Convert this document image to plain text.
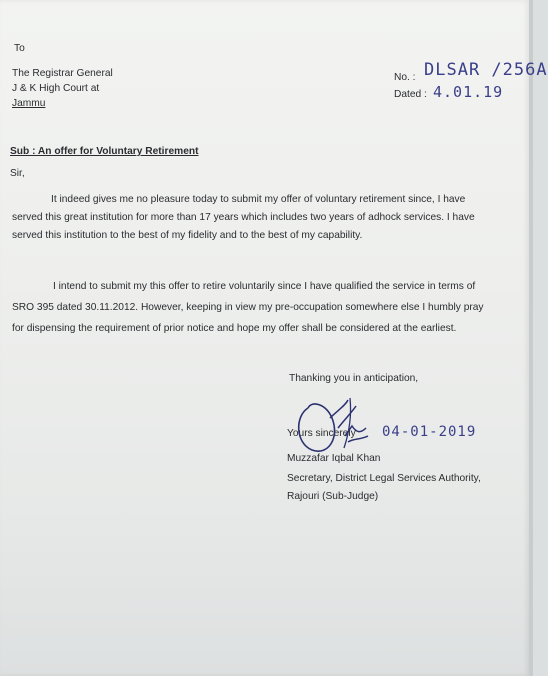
To
The Registrar General
J & K High Court at
Jammu
No. : DLSAR /256A
Dated : 4.01.19
Sub : An offer for Voluntary Retirement
Sir,
It indeed gives me no pleasure today to submit my offer of voluntary retirement since, I have
served this great institution for more than 17 years which includes two years of adhock services. I have
served this institution to the best of my fidelity and to the best of my capability.
I intend to submit my this offer to retire voluntarily since I have qualified the service in terms of
SRO 395 dated 30.11.2012. However, keeping in view my pre-occupation somewhere else I humbly pray
for dispensing the requirement of prior notice and hope my offer shall be considered at the earliest.
Thanking you in anticipation,
Yours sincerely 04-01-2019
Muzzafar Iqbal Khan
Secretary, District Legal Services Authority,
Rajouri (Sub-Judge)
